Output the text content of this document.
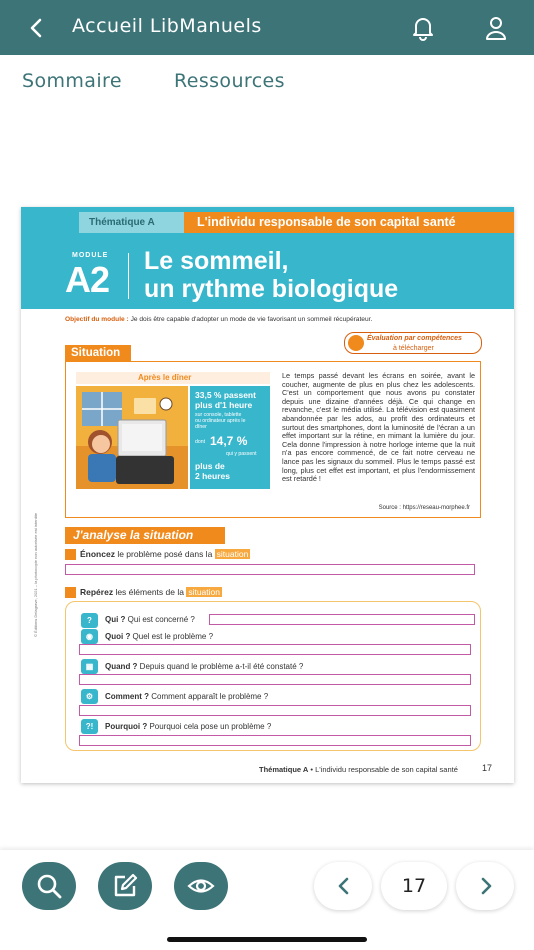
Accueil LibManuels
Sommaire	Ressources
Thématique A	L'individu responsable de son capital santé
MODULE
A2 Le sommeil,
un rythme biologique
Objectif du module : Je dois être capable d'adopter un mode de vie favorisant un sommeil récupérateur.
Évaluation par compétences
à télécharger
Situation
Après le dîner
33,5 % passent
plus d'1 heure
sur console, tablette
ou ordinateur après le
dîner
dont 14,7 %
qui y passent
plus de
2 heures
Le temps passé devant les écrans en soirée, avant le coucher, augmente de plus en plus chez les adolescents. C'est un comportement que nous avons pu constater depuis une dizaine d'années déjà. Ce qui change en revanche, c'est le média utilisé. La télévision est quasiment abandonnée par les ados, au profit des ordinateurs et surtout des smartphones, dont la luminosité de l'écran a un effet important sur la rétine, en mimant la lumière du jour. Cela donne l'impression à notre horloge interne que la nuit n'a pas encore commencé, de ce fait notre cerveau ne lance pas les signaux du sommeil. Plus le temps passé est long, plus cet effet est important, et plus l'endormissement est retardé !
Source : https://reseau-morphee.fr
J'analyse la situation
Énoncez le problème posé dans la situation
Repérez les éléments de la situation
?	Qui ? Qui est concerné ?
◉	Quoi ? Quel est le problème ?
▦	Quand ? Depuis quand le problème a-t-il été constaté ?
⚙	Comment ? Comment apparaît le problème ?
?!	Pourquoi ? Pourquoi cela pose un problème ?
© Éditions Delagrave, 2021 – la photocopie non autorisée est interdite
Thématique A • L'individu responsable de son capital santé	17
17
